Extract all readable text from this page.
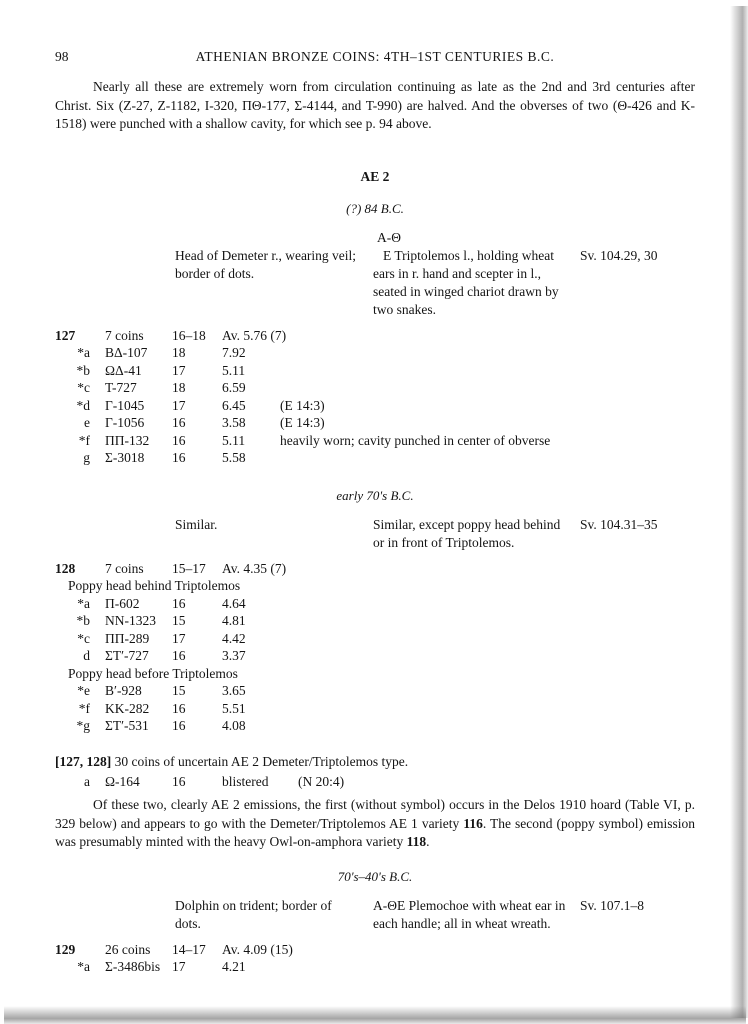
98	ATHENIAN BRONZE COINS: 4TH–1ST CENTURIES B.C.

Nearly all these are extremely worn from circulation continuing as late as the 2nd and 3rd centuries after Christ. Six (Z-27, Z-1182, I-320, ΠΘ-177, Σ-4144, and T-990) are halved. And the obverses of two (Θ-426 and K-1518) were punched with a shallow cavity, for which see p. 94 above.

AE 2
(?) 84 B.C.
Head of Demeter r., wearing veil; border of dots.
A-Θ
E Triptolemos l., holding wheat ears in r. hand and scepter in l., seated in winged chariot drawn by two snakes.
Sv. 104.29, 30
127	7 coins	16–18	Av. 5.76 (7)
*a	BΔ-107	18	7.92
*b	ΩΔ-41	17	5.11
*c	T-727	18	6.59
*d	Γ-1045	17	6.45	(E 14:3)
e	Γ-1056	16	3.58	(E 14:3)
*f	ΠΠ-132	16	5.11	heavily worn; cavity punched in center of obverse
g	Σ-3018	16	5.58
early 70's B.C.
Similar.	Similar, except poppy head behind or in front of Triptolemos.
Sv. 104.31–35
128	7 coins	15–17	Av. 4.35 (7)
Poppy head behind Triptolemos
*a	Π-602	16	4.64
*b	NN-1323	15	4.81
*c	ΠΠ-289	17	4.42
d	ΣT′-727	16	3.37
Poppy head before Triptolemos
*e	B′-928	15	3.65
*f	KK-282	16	5.51
*g	ΣT′-531	16	4.08
[127, 128] 30 coins of uncertain AE 2 Demeter/Triptolemos type.
a	Ω-164	16	blistered	(N 20:4)

Of these two, clearly AE 2 emissions, the first (without symbol) occurs in the Delos 1910 hoard (Table VI, p. 329 below) and appears to go with the Demeter/Triptolemos AE 1 variety 116. The second (poppy symbol) emission was presumably minted with the heavy Owl-on-amphora variety 118.

70's–40's B.C.
Dolphin on trident; border of dots.
A-ΘE Plemochoe with wheat ear in each handle; all in wheat wreath.
Sv. 107.1–8
129	26 coins	14–17	Av. 4.09 (15)
*a	Σ-3486bis 17	4.21
